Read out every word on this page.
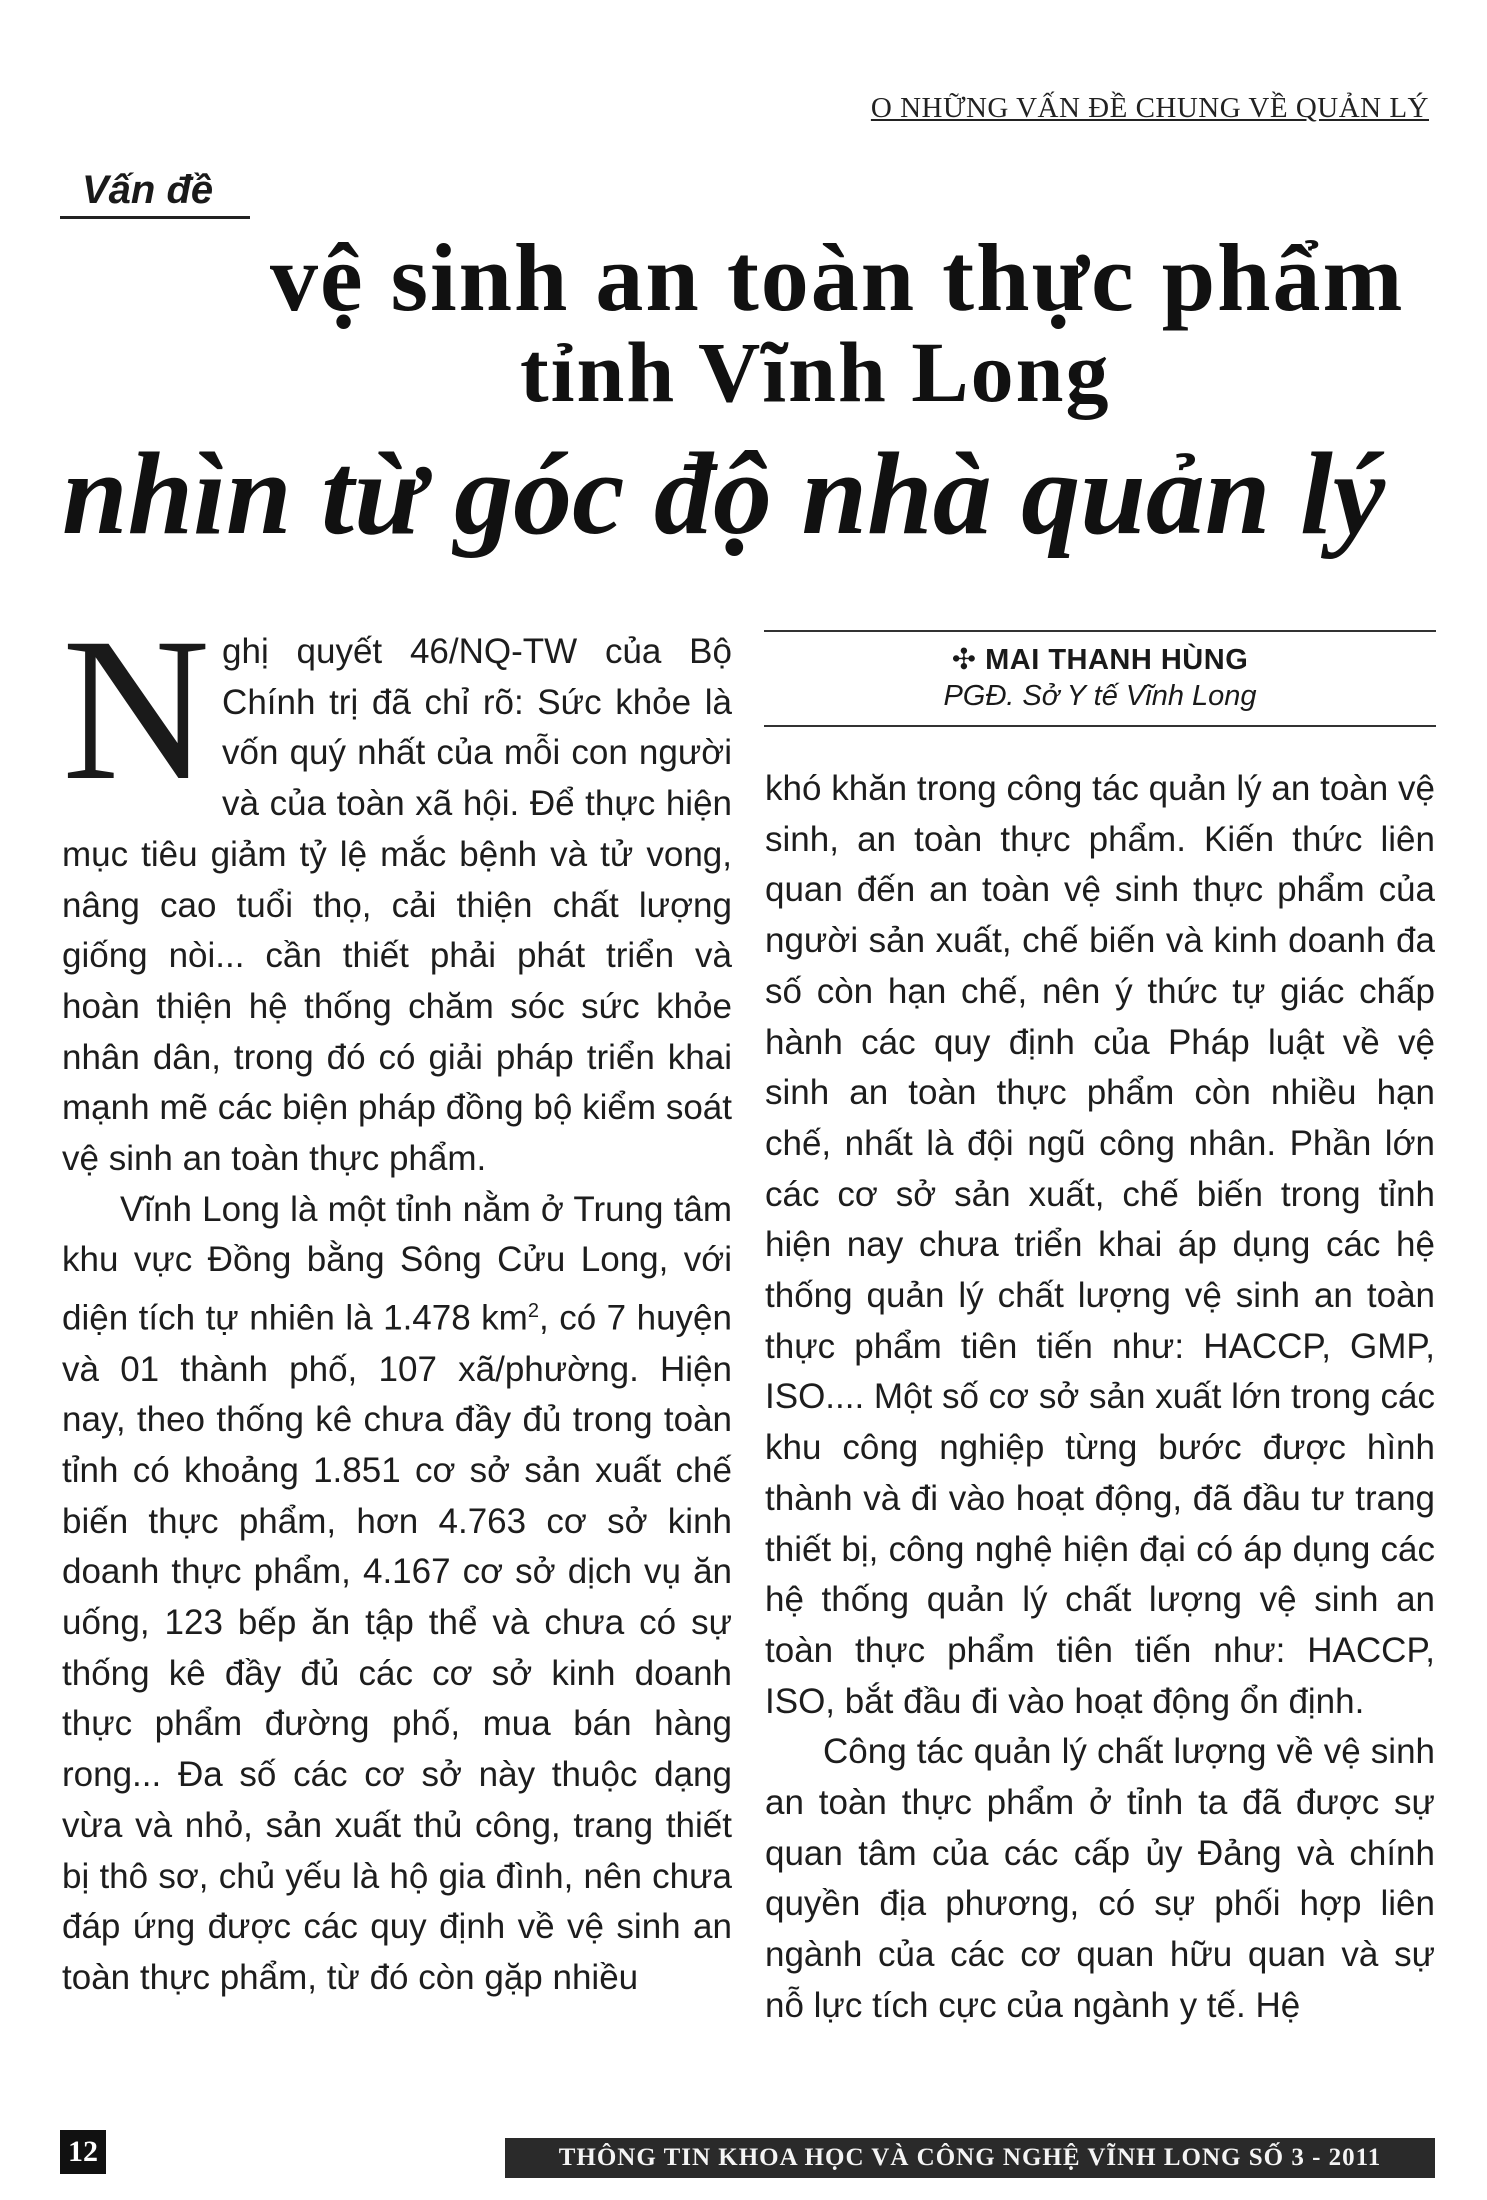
O NHỮNG VẤN ĐỀ CHUNG VỀ QUẢN LÝ
Vấn đề
vệ sinh an toàn thực phẩm
tỉnh Vĩnh Long
nhìn từ góc độ nhà quản lý

Nghị quyết 46/NQ-TW của Bộ Chính trị đã chỉ rõ: Sức khỏe là vốn quý nhất của mỗi con người và của toàn xã hội. Để thực hiện mục tiêu giảm tỷ lệ mắc bệnh và tử vong, nâng cao tuổi thọ, cải thiện chất lượng giống nòi... cần thiết phải phát triển và hoàn thiện hệ thống chăm sóc sức khỏe nhân dân, trong đó có giải pháp triển khai mạnh mẽ các biện pháp đồng bộ kiểm soát vệ sinh an toàn thực phẩm.

Vĩnh Long là một tỉnh nằm ở Trung tâm khu vực Đồng bằng Sông Cửu Long, với diện tích tự nhiên là 1.478 $km^2$, có 7 huyện và 01 thành phố, 107 xã/phường. Hiện nay, theo thống kê chưa đầy đủ trong toàn tỉnh có khoảng 1.851 cơ sở sản xuất chế biến thực phẩm, hơn 4.763 cơ sở kinh doanh thực phẩm, 4.167 cơ sở dịch vụ ăn uống, 123 bếp ăn tập thể và chưa có sự thống kê đầy đủ các cơ sở kinh doanh thực phẩm đường phố, mua bán hàng rong... Đa số các cơ sở này thuộc dạng vừa và nhỏ, sản xuất thủ công, trang thiết bị thô sơ, chủ yếu là hộ gia đình, nên chưa đáp ứng được các quy định về vệ sinh an toàn thực phẩm, từ đó còn gặp nhiều

✣ MAI THANH HÙNG
PGĐ. Sở Y tế Vĩnh Long

khó khăn trong công tác quản lý an toàn vệ sinh, an toàn thực phẩm. Kiến thức liên quan đến an toàn vệ sinh thực phẩm của người sản xuất, chế biến và kinh doanh đa số còn hạn chế, nên ý thức tự giác chấp hành các quy định của Pháp luật về vệ sinh an toàn thực phẩm còn nhiều hạn chế, nhất là đội ngũ công nhân. Phần lớn các cơ sở sản xuất, chế biến trong tỉnh hiện nay chưa triển khai áp dụng các hệ thống quản lý chất lượng vệ sinh an toàn thực phẩm tiên tiến như: HACCP, GMP, ISO.... Một số cơ sở sản xuất lớn trong các khu công nghiệp từng bước được hình thành và đi vào hoạt động, đã đầu tư trang thiết bị, công nghệ hiện đại có áp dụng các hệ thống quản lý chất lượng vệ sinh an toàn thực phẩm tiên tiến như: HACCP, ISO, bắt đầu đi vào hoạt động ổn định.

Công tác quản lý chất lượng về vệ sinh an toàn thực phẩm ở tỉnh ta đã được sự quan tâm của các cấp ủy Đảng và chính quyền địa phương, có sự phối hợp liên ngành của các cơ quan hữu quan và sự nỗ lực tích cực của ngành y tế. Hệ

12	THÔNG TIN KHOA HỌC VÀ CÔNG NGHỆ VĨNH LONG SỐ 3 - 2011
